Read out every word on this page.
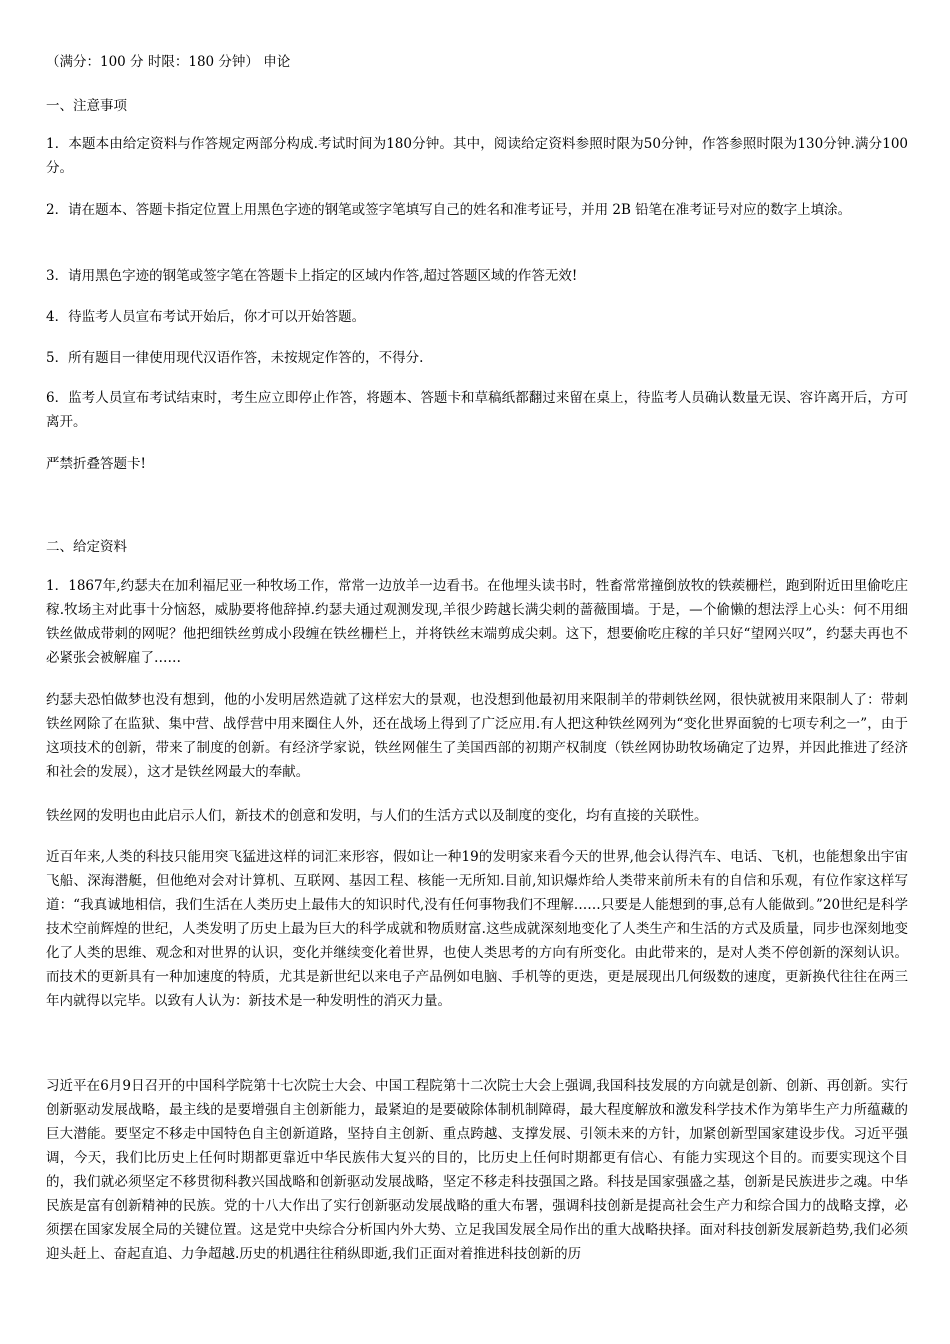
（满分：100 分 时限：180 分钟） 申论

一、注意事项

1．本题本由给定资料与作答规定两部分构成.考试时间为180分钟。其中，阅读给定资料参照时限为50分钟，作答参照时限为130分钟.满分100分。

2．请在题本、答题卡指定位置上用黑色字迹的钢笔或签字笔填写自己的姓名和准考证号，并用 2B 铅笔在准考证号对应的数字上填涂。

3．请用黑色字迹的钢笔或签字笔在答题卡上指定的区域内作答,超过答题区域的作答无效!

4．待监考人员宣布考试开始后，你才可以开始答题。

5．所有题目一律使用现代汉语作答，未按规定作答的，不得分.

6．监考人员宣布考试结束时，考生应立即停止作答，将题本、答题卡和草稿纸都翻过来留在桌上，待监考人员确认数量无误、容许离开后，方可离开。

严禁折叠答题卡!

二、给定资料

1．1867年,约瑟夫在加利福尼亚一种牧场工作，常常一边放羊一边看书。在他埋头读书时，牲畜常常撞倒放牧的铁蒺栅栏，跑到附近田里偷吃庄稼.牧场主对此事十分恼怒，威胁要将他辞掉.约瑟夫通过观测发现,羊很少跨越长满尖刺的蔷薇围墙。于是，—个偷懒的想法浮上心头：何不用细铁丝做成带刺的网呢？他把细铁丝剪成小段缠在铁丝栅栏上，并将铁丝末端剪成尖刺。这下，想要偷吃庄稼的羊只好“望网兴叹”，约瑟夫再也不必紧张会被解雇了……

约瑟夫恐怕做梦也没有想到，他的小发明居然造就了这样宏大的景观，也没想到他最初用来限制羊的带刺铁丝网，很快就被用来限制人了：带刺铁丝网除了在监狱、集中营、战俘营中用来圈住人外，还在战场上得到了广泛应用.有人把这种铁丝网列为“变化世界面貌的七项专利之一”，由于这项技术的创新，带来了制度的创新。有经济学家说，铁丝网催生了美国西部的初期产权制度（铁丝网协助牧场确定了边界，并因此推进了经济和社会的发展），这才是铁丝网最大的奉献。

铁丝网的发明也由此启示人们，新技术的创意和发明，与人们的生活方式以及制度的变化，均有直接的关联性。

近百年来,人类的科技只能用突飞猛进这样的词汇来形容，假如让一种19的发明家来看今天的世界,他会认得汽车、电话、飞机，也能想象出宇宙飞船、深海潜艇，但他绝对会对计算机、互联网、基因工程、核能一无所知.目前,知识爆炸给人类带来前所未有的自信和乐观，有位作家这样写道：“我真诚地相信，我们生活在人类历史上最伟大的知识时代,没有任何事物我们不理解……只要是人能想到的事,总有人能做到。”20世纪是科学技术空前辉煌的世纪，人类发明了历史上最为巨大的科学成就和物质财富.这些成就深刻地变化了人类生产和生活的方式及质量，同步也深刻地变化了人类的思维、观念和对世界的认识，变化并继续变化着世界，也使人类思考的方向有所变化。由此带来的，是对人类不停创新的深刻认识。而技术的更新具有一种加速度的特质，尤其是新世纪以来电子产品例如电脑、手机等的更迭，更是展现出几何级数的速度，更新换代往往在两三年内就得以完毕。以致有人认为：新技术是一种发明性的消灭力量。

习近平在6月9日召开的中国科学院第十七次院士大会、中国工程院第十二次院士大会上强调,我国科技发展的方向就是创新、创新、再创新。实行创新驱动发展战略，最主线的是要增强自主创新能力，最紧迫的是要破除体制机制障碍，最大程度解放和激发科学技术作为第毕生产力所蕴藏的巨大潜能。要坚定不移走中国特色自主创新道路，坚持自主创新、重点跨越、支撑发展、引领未来的方针，加紧创新型国家建设步伐。习近平强调，今天，我们比历史上任何时期都更靠近中华民族伟大复兴的目的，比历史上任何时期都更有信心、有能力实现这个目的。而要实现这个目的，我们就必须坚定不移贯彻科教兴国战略和创新驱动发展战略，坚定不移走科技强国之路。科技是国家强盛之基，创新是民族进步之魂。中华民族是富有创新精神的民族。党的十八大作出了实行创新驱动发展战略的重大布署，强调科技创新是提高社会生产力和综合国力的战略支撑，必须摆在国家发展全局的关键位置。这是党中央综合分析国内外大势、立足我国发展全局作出的重大战略抉择。面对科技创新发展新趋势,我们必须迎头赶上、奋起直追、力争超越.历史的机遇往往稍纵即逝,我们正面对着推进科技创新的历
